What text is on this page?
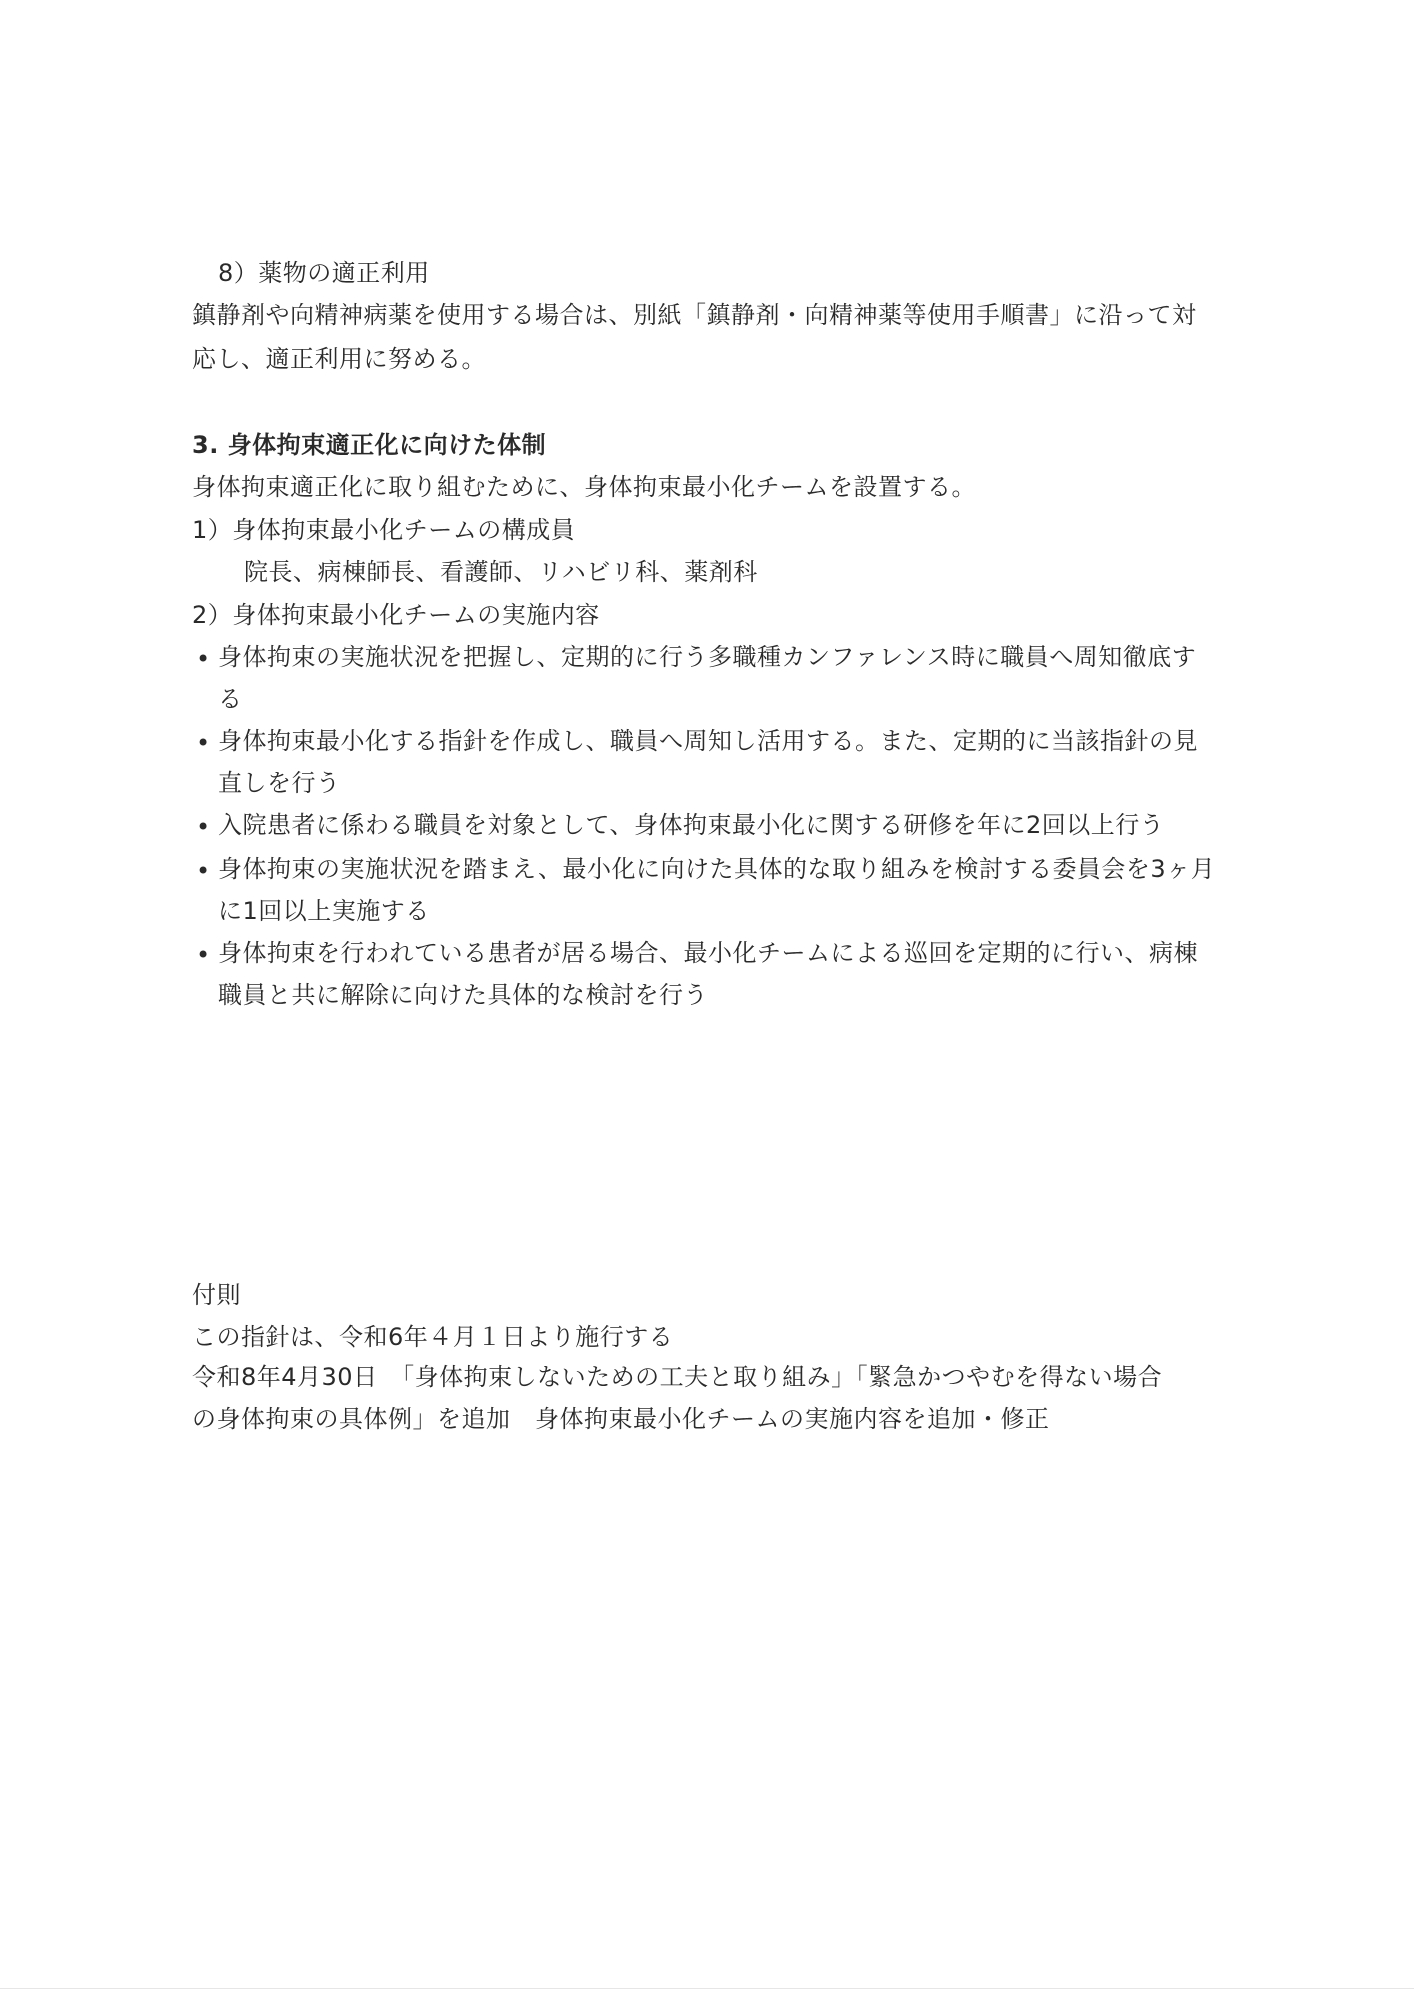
8）薬物の適正利用
鎮静剤や向精神病薬を使用する場合は、別紙「鎮静剤・向精神薬等使用手順書」に沿って対
応し、適正利用に努める。
3. 身体拘束適正化に向けた体制
身体拘束適正化に取り組むために、身体拘束最小化チームを設置する。
1）身体拘束最小化チームの構成員
院長、病棟師長、看護師、リハビリ科、薬剤科
2）身体拘束最小化チームの実施内容
• 身体拘束の実施状況を把握し、定期的に行う多職種カンファレンス時に職員へ周知徹底す
る
• 身体拘束最小化する指針を作成し、職員へ周知し活用する。また、定期的に当該指針の見
直しを行う
• 入院患者に係わる職員を対象として、身体拘束最小化に関する研修を年に2回以上行う
• 身体拘束の実施状況を踏まえ、最小化に向けた具体的な取り組みを検討する委員会を3ヶ月
に1回以上実施する
• 身体拘束を行われている患者が居る場合、最小化チームによる巡回を定期的に行い、病棟
職員と共に解除に向けた具体的な検討を行う
付則
この指針は、令和6年４月１日より施行する
令和8年4月30日　「身体拘束しないための工夫と取り組み」「緊急かつやむを得ない場合
の身体拘束の具体例」を追加　身体拘束最小化チームの実施内容を追加・修正
